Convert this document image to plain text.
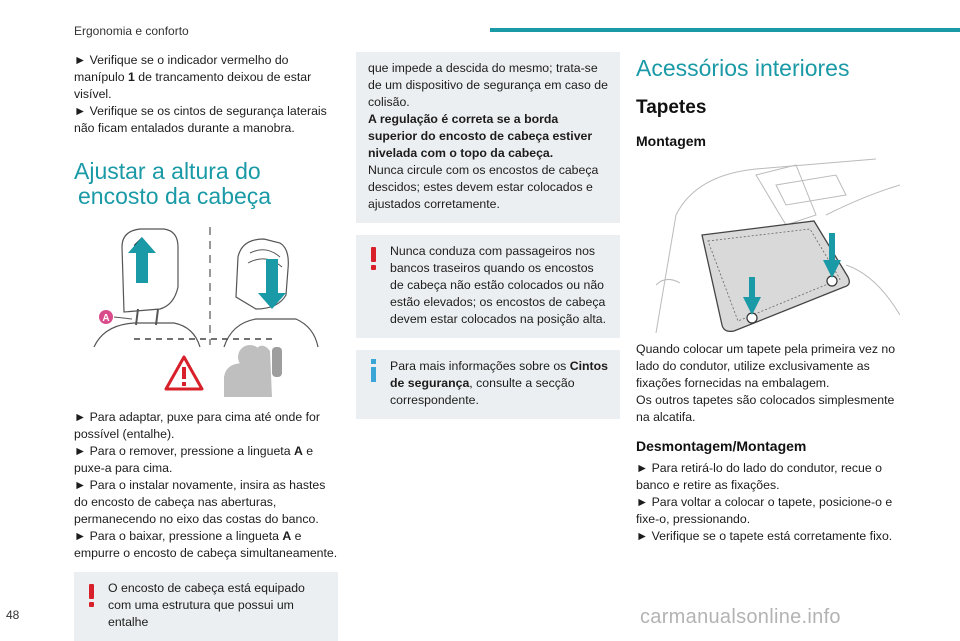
Ergonomia e conforto

► Verifique se o indicador vermelho do manípulo 1 de trancamento deixou de estar visível.

► Verifique se os cintos de segurança laterais não ficam entalados durante a manobra.

Ajustar a altura do
encosto da cabeça
A

► Para adaptar, puxe para cima até onde for possível (entalhe).

► Para o remover, pressione a lingueta A e puxe-a para cima.

► Para o instalar novamente, insira as hastes do encosto de cabeça nas aberturas, permanecendo no eixo das costas do banco.

► Para o baixar, pressione a lingueta A e empurre o encosto de cabeça simultaneamente.

O encosto de cabeça está equipado com uma estrutura que possui um entalhe

48

que impede a descida do mesmo; trata-se de um dispositivo de segurança em caso de colisão.

A regulação é correta se a borda superior do encosto de cabeça estiver nivelada com o topo da cabeça.

Nunca circule com os encostos de cabeça descidos; estes devem estar colocados e ajustados corretamente.

Nunca conduza com passageiros nos bancos traseiros quando os encostos de cabeça não estão colocados ou não estão elevados; os encostos de cabeça devem estar colocados na posição alta.

Para mais informações sobre os Cintos de segurança, consulte a secção correspondente.

Acessórios interiores
Tapetes
Montagem

Quando colocar um tapete pela primeira vez no lado do condutor, utilize exclusivamente as fixações fornecidas na embalagem.

Os outros tapetes são colocados simplesmente na alcatifa.

Desmontagem/Montagem

► Para retirá-lo do lado do condutor, recue o banco e retire as fixações.

► Para voltar a colocar o tapete, posicione-o e fixe-o, pressionando.

► Verifique se o tapete está corretamente fixo.

carmanualsonline.info
